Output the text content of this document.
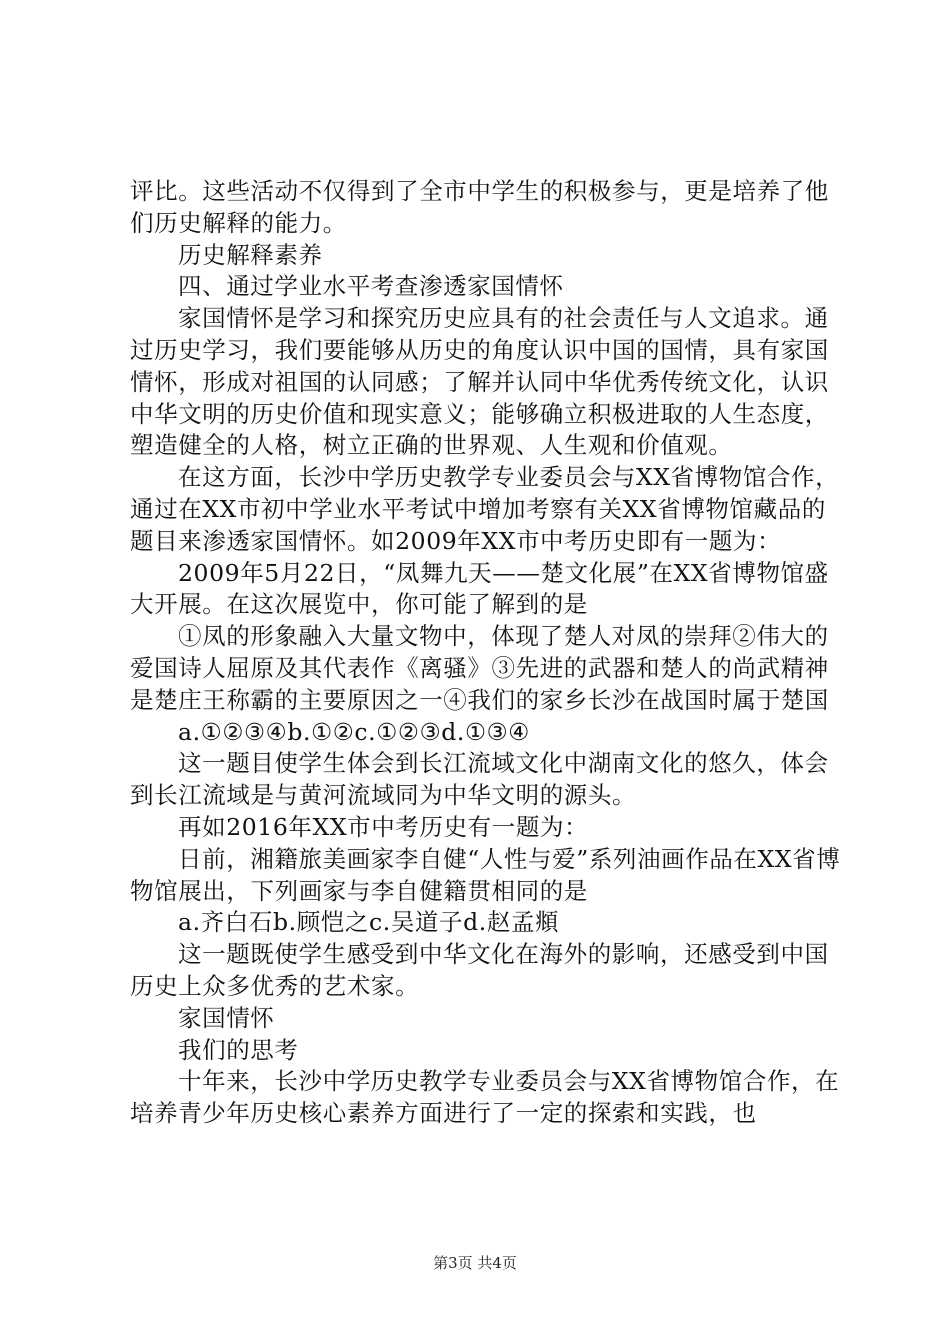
评比。这些活动不仅得到了全市中学生的积极参与，更是培养了他们历史解释的能力。

历史解释素养

四、通过学业水平考查渗透家国情怀

家国情怀是学习和探究历史应具有的社会责任与人文追求。通过历史学习，我们要能够从历史的角度认识中国的国情，具有家国情怀，形成对祖国的认同感；了解并认同中华优秀传统文化，认识中华文明的历史价值和现实意义；能够确立积极进取的人生态度，塑造健全的人格，树立正确的世界观、人生观和价值观。

在这方面，长沙中学历史教学专业委员会与XX省博物馆合作，通过在XX市初中学业水平考试中增加考察有关XX省博物馆藏品的题目来渗透家国情怀。如2009年XX市中考历史即有一题为：

2009年5月22日，“凤舞九天——楚文化展”在XX省博物馆盛大开展。在这次展览中，你可能了解到的是

①凤的形象融入大量文物中，体现了楚人对凤的崇拜②伟大的爱国诗人屈原及其代表作《离骚》③先进的武器和楚人的尚武精神是楚庄王称霸的主要原因之一④我们的家乡长沙在战国时属于楚国

a.①②③④b.①②c.①②③d.①③④

这一题目使学生体会到长江流域文化中湖南文化的悠久，体会到长江流域是与黄河流域同为中华文明的源头。

再如2016年XX市中考历史有一题为：

日前，湘籍旅美画家李自健“人性与爱”系列油画作品在XX省博物馆展出，下列画家与李自健籍贯相同的是

a.齐白石b.顾恺之c.吴道子d.赵孟頫

这一题既使学生感受到中华文化在海外的影响，还感受到中国历史上众多优秀的艺术家。

家国情怀

我们的思考

十年来，长沙中学历史教学专业委员会与XX省博物馆合作，在培养青少年历史核心素养方面进行了一定的探索和实践，也

第3页 共4页
